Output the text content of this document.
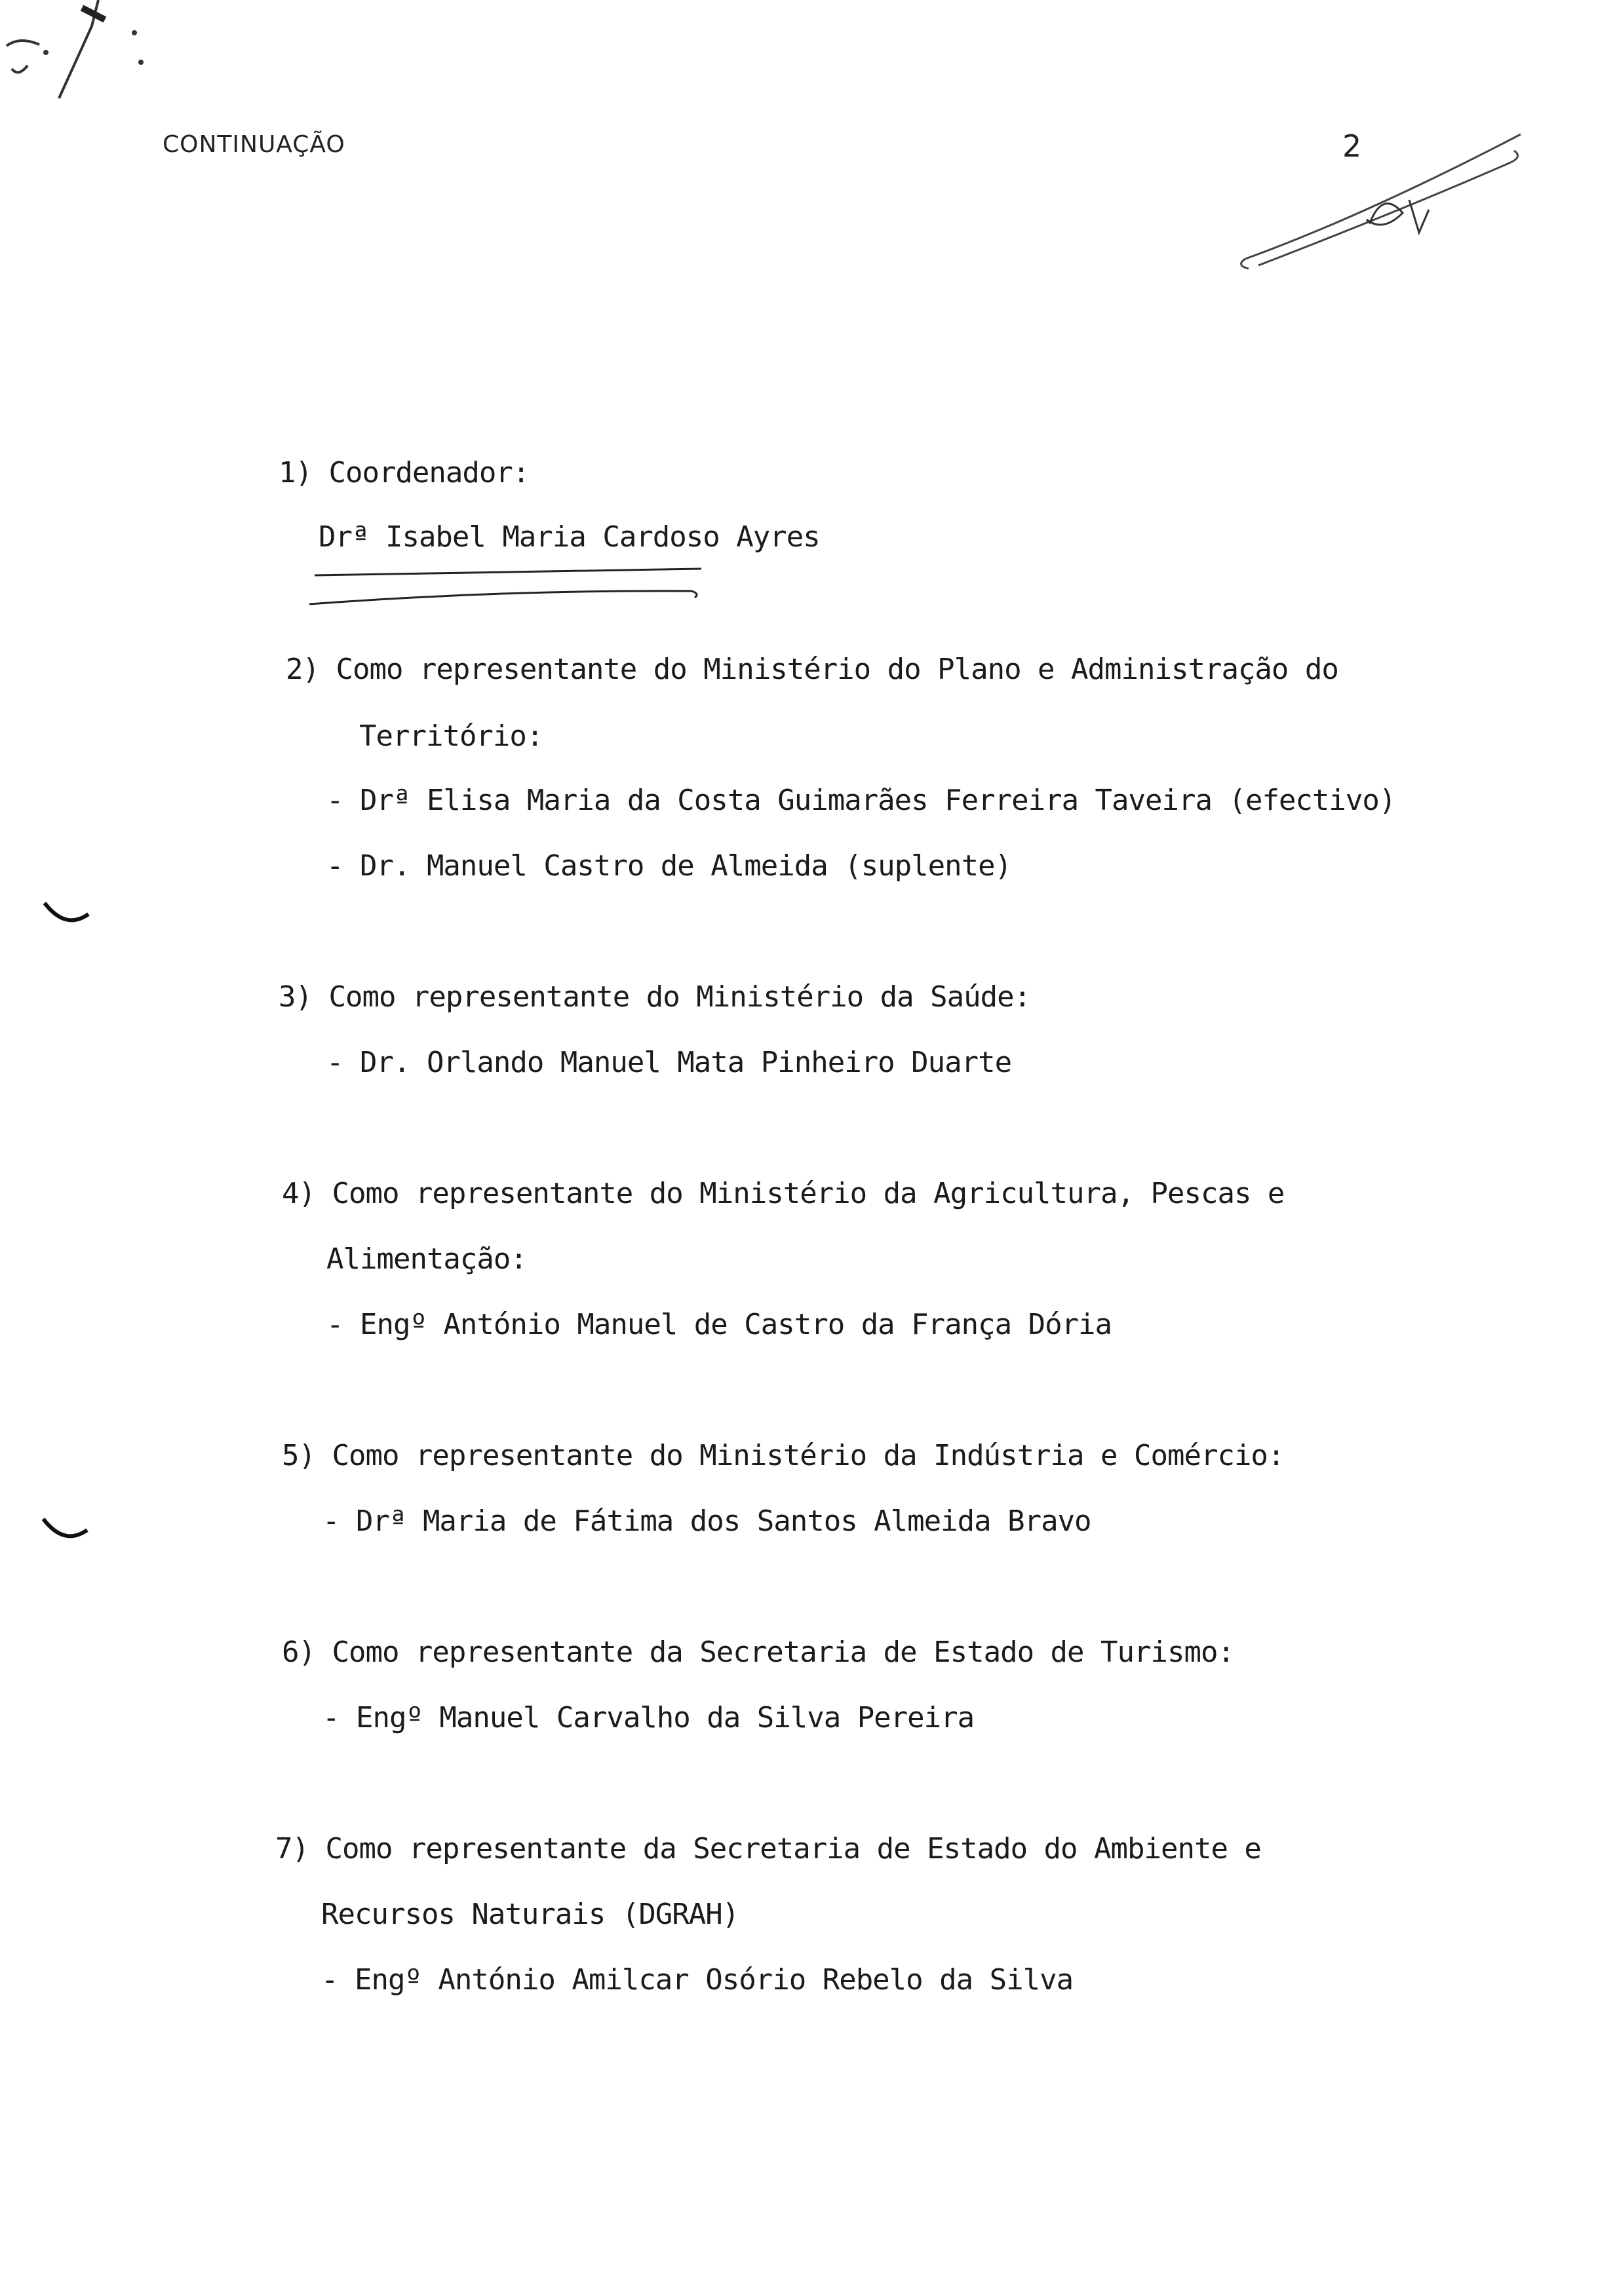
CONTINUAÇÃO	2
1) Coordenador:
Drª Isabel Maria Cardoso Ayres
2) Como representante do Ministério do Plano e Administração do
Território:
- Drª Elisa Maria da Costa Guimarães Ferreira Taveira (efectivo)
- Dr. Manuel Castro de Almeida (suplente)
3) Como representante do Ministério da Saúde:
- Dr. Orlando Manuel Mata Pinheiro Duarte
4) Como representante do Ministério da Agricultura, Pescas e
Alimentação:
- Engº António Manuel de Castro da França Dória
5) Como representante do Ministério da Indústria e Comércio:
- Drª Maria de Fátima dos Santos Almeida Bravo
6) Como representante da Secretaria de Estado de Turismo:
- Engº Manuel Carvalho da Silva Pereira
7) Como representante da Secretaria de Estado do Ambiente e
Recursos Naturais (DGRAH)
- Engº António Amilcar Osório Rebelo da Silva
